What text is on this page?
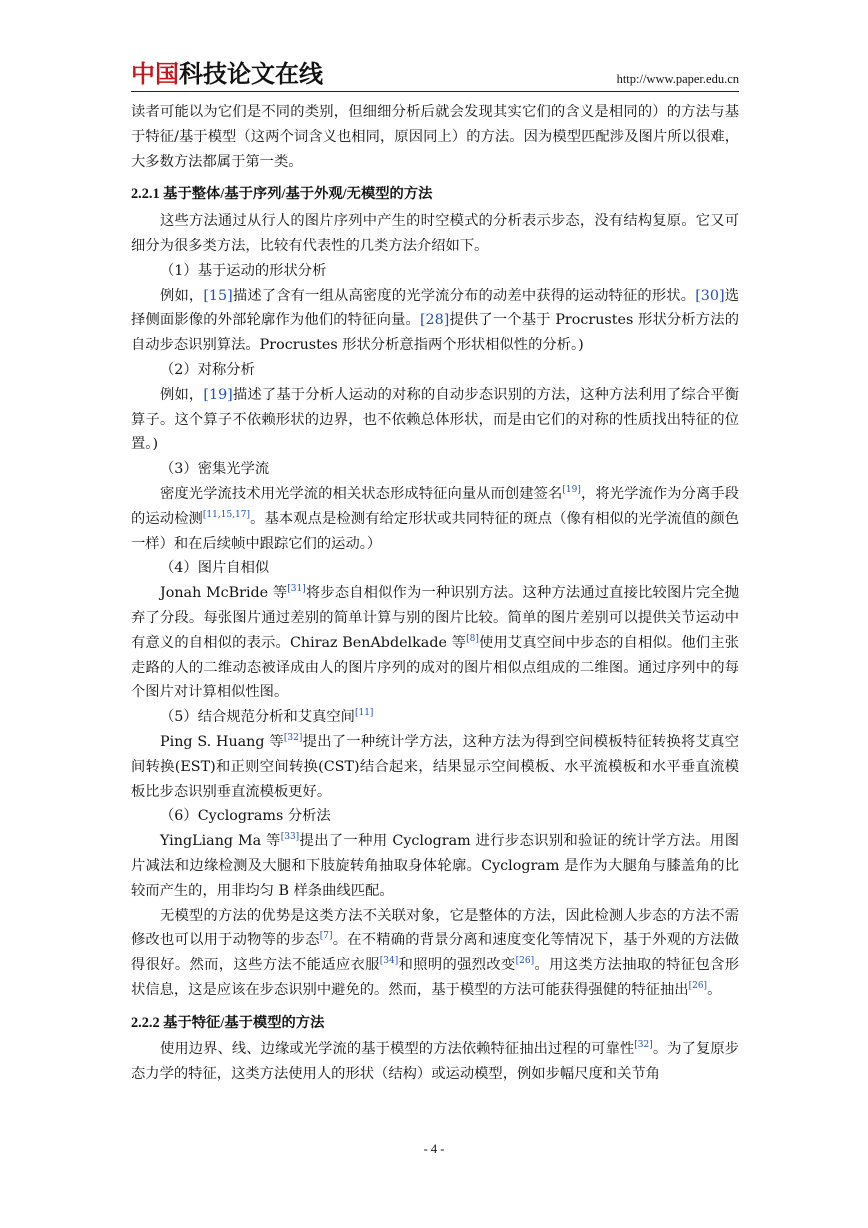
中国科技论文在线	http://www.paper.edu.cn

读者可能以为它们是不同的类别，但细细分析后就会发现其实它们的含义是相同的）的方法与基于特征/基于模型（这两个词含义也相同，原因同上）的方法。因为模型匹配涉及图片所以很难，大多数方法都属于第一类。

2.2.1 基于整体/基于序列/基于外观/无模型的方法

这些方法通过从行人的图片序列中产生的时空模式的分析表示步态，没有结构复原。它又可细分为很多类方法，比较有代表性的几类方法介绍如下。

（1）基于运动的形状分析

例如，[15]描述了含有一组从高密度的光学流分布的动差中获得的运动特征的形状。[30]选择侧面影像的外部轮廓作为他们的特征向量。[28]提供了一个基于 Procrustes 形状分析方法的自动步态识别算法。Procrustes 形状分析意指两个形状相似性的分析。)

（2）对称分析

例如，[19]描述了基于分析人运动的对称的自动步态识别的方法，这种方法利用了综合平衡算子。这个算子不依赖形状的边界，也不依赖总体形状，而是由它们的对称的性质找出特征的位置。)

（3）密集光学流

密度光学流技术用光学流的相关状态形成特征向量从而创建签名[19]，将光学流作为分离手段的运动检测[11,15,17]。基本观点是检测有给定形状或共同特征的斑点（像有相似的光学流值的颜色一样）和在后续帧中跟踪它们的运动。）

（4）图片自相似

Jonah McBride 等[31]将步态自相似作为一种识别方法。这种方法通过直接比较图片完全抛弃了分段。每张图片通过差别的简单计算与别的图片比较。简单的图片差别可以提供关节运动中有意义的自相似的表示。Chiraz BenAbdelkade 等[8]使用艾真空间中步态的自相似。他们主张走路的人的二维动态被译成由人的图片序列的成对的图片相似点组成的二维图。通过序列中的每个图片对计算相似性图。

（5）结合规范分析和艾真空间[11]

Ping S. Huang 等[32]提出了一种统计学方法，这种方法为得到空间模板特征转换将艾真空间转换(EST)和正则空间转换(CST)结合起来，结果显示空间模板、水平流模板和水平垂直流模板比步态识别垂直流模板更好。

（6）Cyclograms 分析法

YingLiang Ma 等[33]提出了一种用 Cyclogram 进行步态识别和验证的统计学方法。用图片减法和边缘检测及大腿和下肢旋转角抽取身体轮廓。Cyclogram 是作为大腿角与膝盖角的比较而产生的，用非均匀 B 样条曲线匹配。

无模型的方法的优势是这类方法不关联对象，它是整体的方法，因此检测人步态的方法不需修改也可以用于动物等的步态[7]。在不精确的背景分离和速度变化等情况下，基于外观的方法做得很好。然而，这些方法不能适应衣服[34]和照明的强烈改变[26]。用这类方法抽取的特征包含形状信息，这是应该在步态识别中避免的。然而，基于模型的方法可能获得强健的特征抽出[26]。

2.2.2 基于特征/基于模型的方法

使用边界、线、边缘或光学流的基于模型的方法依赖特征抽出过程的可靠性[32]。为了复原步态力学的特征，这类方法使用人的形状（结构）或运动模型，例如步幅尺度和关节角

- 4 -
